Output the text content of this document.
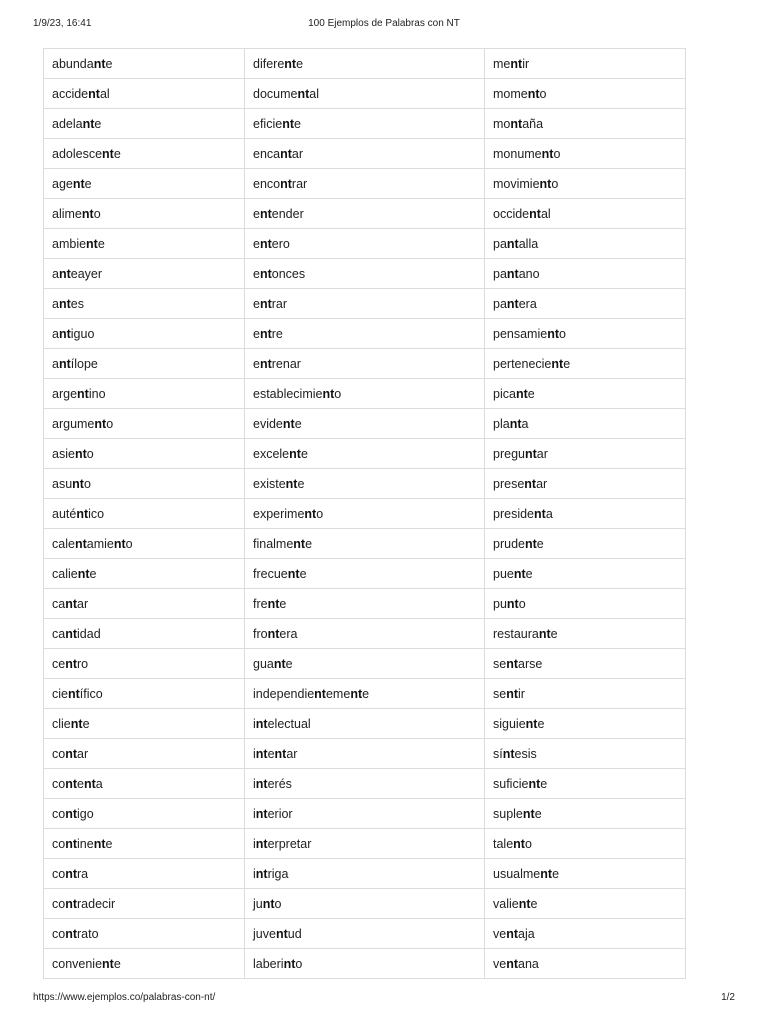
1/9/23, 16:41	100 Ejemplos de Palabras con NT
abundante	diferente	mentir
accidental	documental	momento
adelante	eficiente	montaña
adolescente	encantar	monumento
agente	encontrar	movimiento
alimento	entender	occidental
ambiente	entero	pantalla
anteayer	entonces	pantano
antes	entrar	pantera
antiguo	entre	pensamiento
antílope	entrenar	perteneciente
argentino	establecimiento	picante
argumento	evidente	planta
asiento	excelente	preguntar
asunto	existente	presentar
auténtico	experimento	presidenta
calentamiento	finalmente	prudente
caliente	frecuente	puente
cantar	frente	punto
cantidad	frontera	restaurante
centro	guante	sentarse
científico	independientemente	sentir
cliente	intelectual	siguiente
contar	intentar	síntesis
contenta	interés	suficiente
contigo	interior	suplente
continente	interpretar	talento
contra	intriga	usualmente
contradecir	junto	valiente
contrato	juventud	ventaja
conveniente	laberinto	ventana
https://www.ejemplos.co/palabras-con-nt/	1/2
